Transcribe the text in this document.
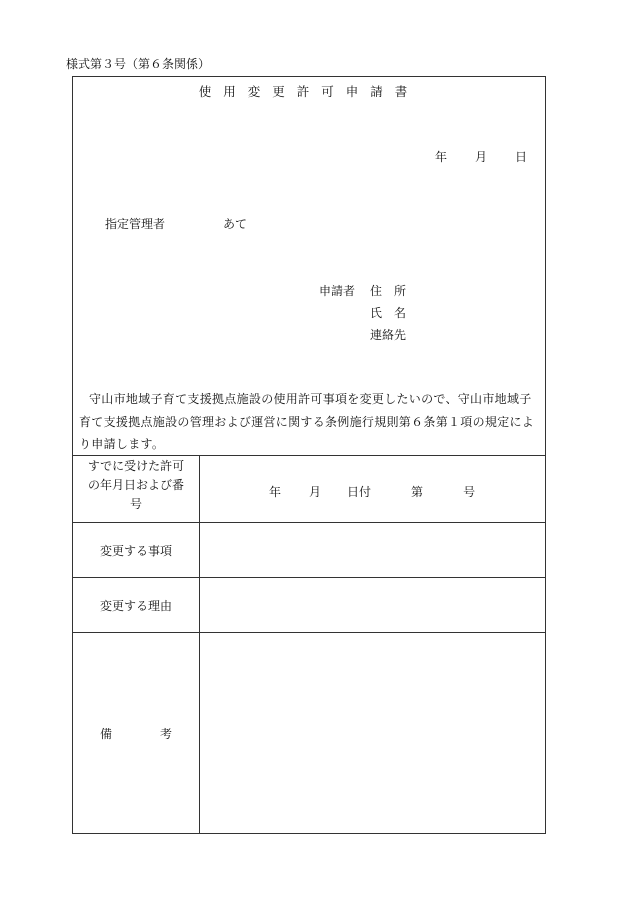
様式第３号（第６条関係）
使用変更許可申請書
年 月 日
指定管理者	あて
申請者 住　所
氏　名
連絡先
守山市地域子育て支援拠点施設の使用許可事項を変更したいので、守山市地域子育て支援拠点施設の管理および運営に関する条例施行規則第６条第１項の規定により申請します。
すでに受けた許可
の年月日および番
号
年 月 日付	第	号
変更する事項
変更する理由
備　　　　考
